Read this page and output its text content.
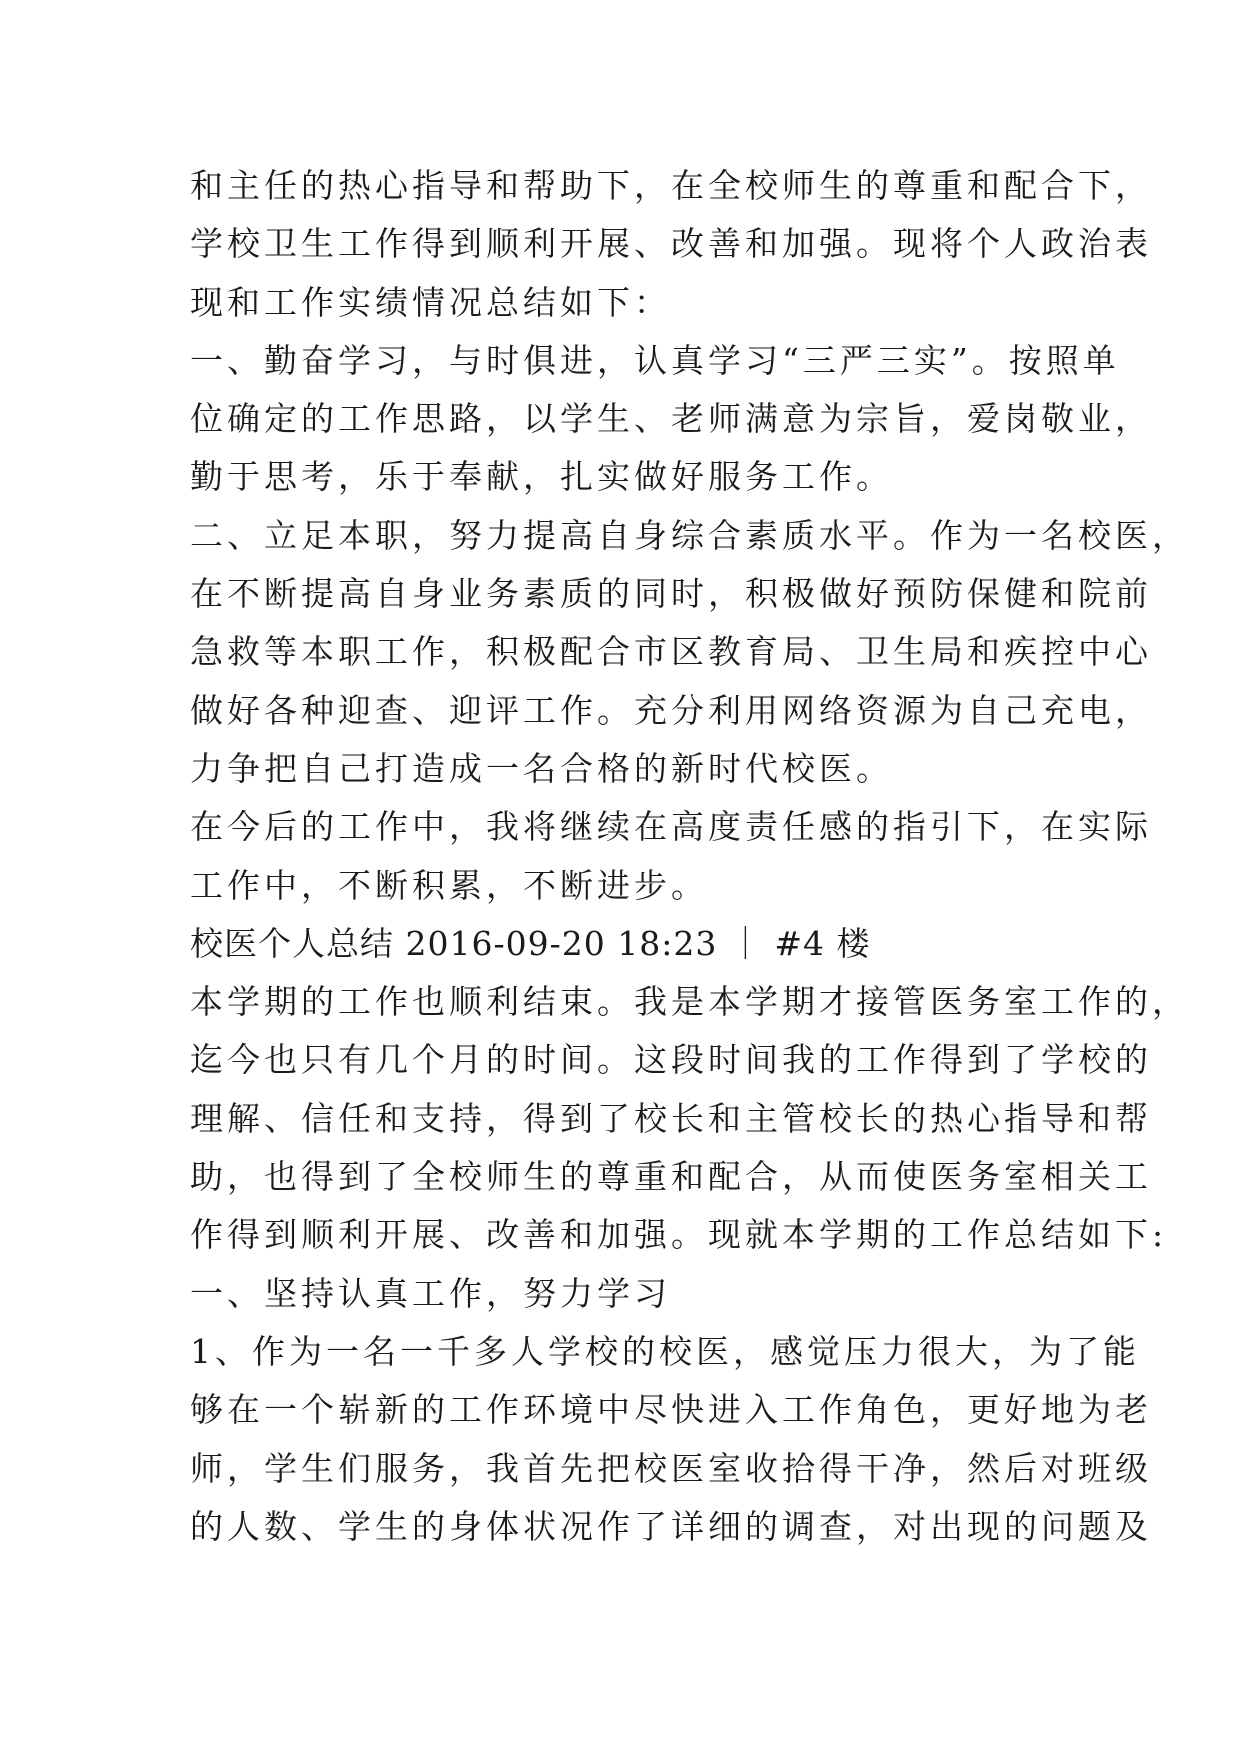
和主任的热心指导和帮助下，在全校师生的尊重和配合下，
学校卫生工作得到顺利开展、改善和加强。现将个人政治表
现和工作实绩情况总结如下：
一、勤奋学习，与时俱进，认真学习“三严三实”。按照单
位确定的工作思路，以学生、老师满意为宗旨，爱岗敬业，
勤于思考，乐于奉献，扎实做好服务工作。
二、立足本职，努力提高自身综合素质水平。作为一名校医，
在不断提高自身业务素质的同时，积极做好预防保健和院前
急救等本职工作，积极配合市区教育局、卫生局和疾控中心
做好各种迎查、迎评工作。充分利用网络资源为自己充电，
力争把自己打造成一名合格的新时代校医。
在今后的工作中，我将继续在高度责任感的指引下，在实际
工作中，不断积累，不断进步。
校医个人总结 2016-09-20 18:23 ｜ #4 楼
本学期的工作也顺利结束。我是本学期才接管医务室工作的，
迄今也只有几个月的时间。这段时间我的工作得到了学校的
理解、信任和支持，得到了校长和主管校长的热心指导和帮
助，也得到了全校师生的尊重和配合，从而使医务室相关工
作得到顺利开展、改善和加强。现就本学期的工作总结如下:
一、坚持认真工作，努力学习
1、作为一名一千多人学校的校医，感觉压力很大，为了能
够在一个崭新的工作环境中尽快进入工作角色，更好地为老
师，学生们服务，我首先把校医室收拾得干净，然后对班级
的人数、学生的身体状况作了详细的调查，对出现的问题及
